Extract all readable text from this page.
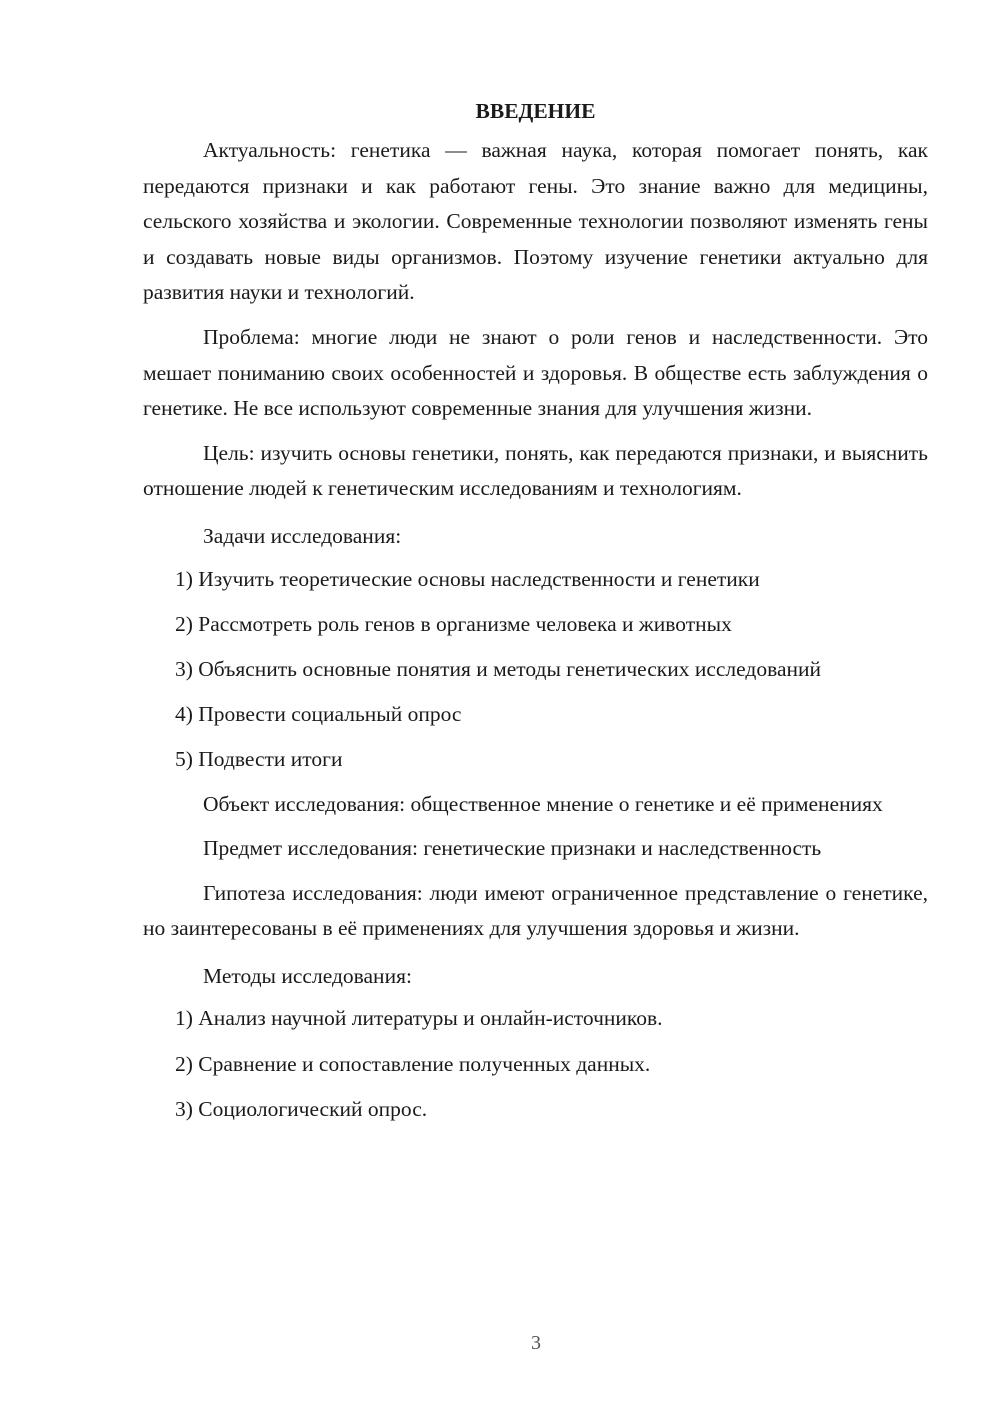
ВВЕДЕНИЕ

Актуальность: генетика — важная наука, которая помогает понять, как передаются признаки и как работают гены. Это знание важно для медицины, сельского хозяйства и экологии. Современные технологии позволяют изменять гены и создавать новые виды организмов. Поэтому изучение генетики актуально для развития науки и технологий.

Проблема: многие люди не знают о роли генов и наследственности. Это мешает пониманию своих особенностей и здоровья. В обществе есть заблуждения о генетике. Не все используют современные знания для улучшения жизни.

Цель: изучить основы генетики, понять, как передаются признаки, и выяснить отношение людей к генетическим исследованиям и технологиям.

Задачи исследования:

1) Изучить теоретические основы наследственности и генетики

2) Рассмотреть роль генов в организме человека и животных

3) Объяснить основные понятия и методы генетических исследований

4) Провести социальный опрос

5) Подвести итоги

Объект исследования: общественное мнение о генетике и её применениях

Предмет исследования: генетические признаки и наследственность

Гипотеза исследования: люди имеют ограниченное представление о генетике, но заинтересованы в её применениях для улучшения здоровья и жизни.

Методы исследования:

1) Анализ научной литературы и онлайн-источников.

2) Сравнение и сопоставление полученных данных.

3) Социологический опрос.

3
